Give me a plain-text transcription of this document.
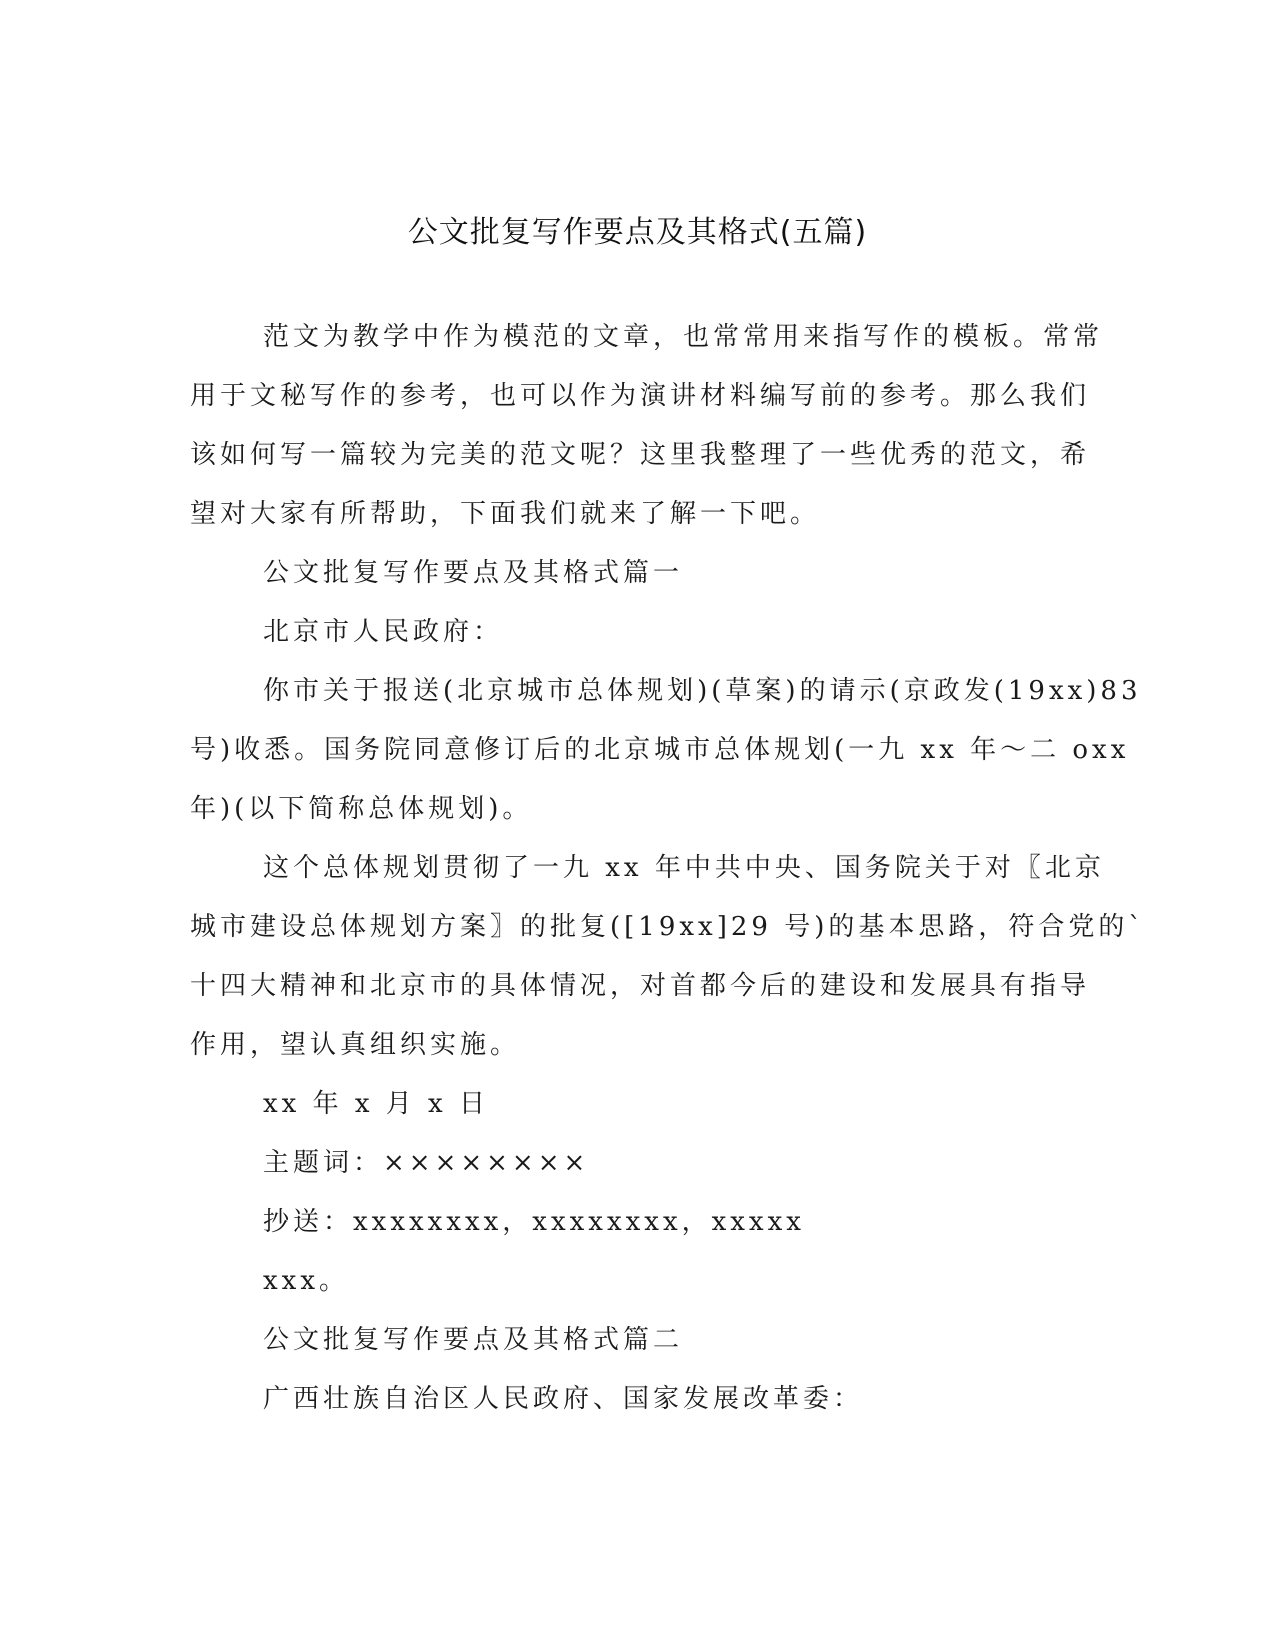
公文批复写作要点及其格式(五篇)

范文为教学中作为模范的文章，也常常用来指写作的模板。常常

用于文秘写作的参考，也可以作为演讲材料编写前的参考。那么我们

该如何写一篇较为完美的范文呢？这里我整理了一些优秀的范文，希

望对大家有所帮助，下面我们就来了解一下吧。

公文批复写作要点及其格式篇一

北京市人民政府：

你市关于报送(北京城市总体规划)(草案)的请示(京政发(19xx)83

号)收悉。国务院同意修订后的北京城市总体规划(一九 xx 年～二 oxx

年)(以下简称总体规划)。

这个总体规划贯彻了一九 xx 年中共中央、国务院关于对〖北京

城市建设总体规划方案〗的批复([19xx]29 号)的基本思路，符合党的`

十四大精神和北京市的具体情况，对首都今后的建设和发展具有指导

作用，望认真组织实施。

xx 年 x 月 x 日

主题词：××××××××

抄送：xxxxxxxx，xxxxxxxx，xxxxx

xxx。

公文批复写作要点及其格式篇二

广西壮族自治区人民政府、国家发展改革委：
